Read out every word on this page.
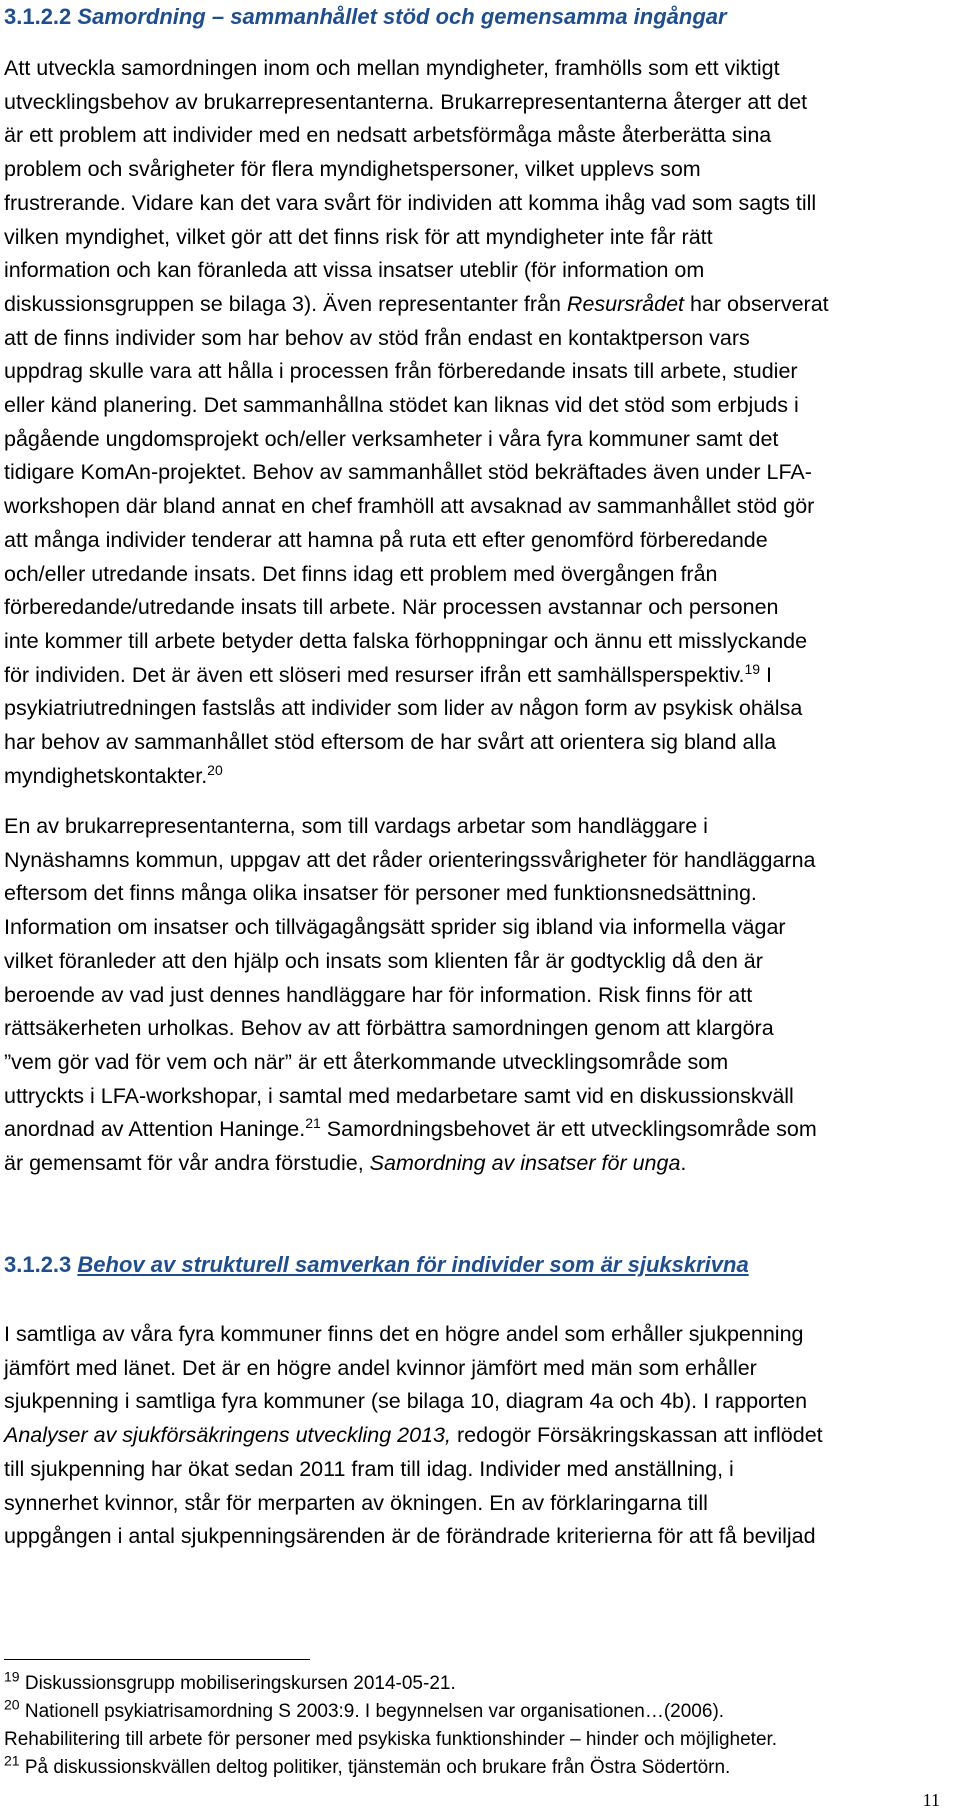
3.1.2.2 Samordning – sammanhållet stöd och gemensamma ingångar

Att utveckla samordningen inom och mellan myndigheter, framhölls som ett viktigt
utvecklingsbehov av brukarrepresentanterna. Brukarrepresentanterna återger att det
är ett problem att individer med en nedsatt arbetsförmåga måste återberätta sina
problem och svårigheter för flera myndighetspersoner, vilket upplevs som
frustrerande. Vidare kan det vara svårt för individen att komma ihåg vad som sagts till
vilken myndighet, vilket gör att det finns risk för att myndigheter inte får rätt
information och kan föranleda att vissa insatser uteblir (för information om
diskussionsgruppen se bilaga 3). Även representanter från Resursrådet har observerat
att de finns individer som har behov av stöd från endast en kontaktperson vars
uppdrag skulle vara att hålla i processen från förberedande insats till arbete, studier
eller känd planering. Det sammanhållna stödet kan liknas vid det stöd som erbjuds i
pågående ungdomsprojekt och/eller verksamheter i våra fyra kommuner samt det
tidigare KomAn-projektet. Behov av sammanhållet stöd bekräftades även under LFA-
workshopen där bland annat en chef framhöll att avsaknad av sammanhållet stöd gör
att många individer tenderar att hamna på ruta ett efter genomförd förberedande
och/eller utredande insats. Det finns idag ett problem med övergången från
förberedande/utredande insats till arbete. När processen avstannar och personen
inte kommer till arbete betyder detta falska förhoppningar och ännu ett misslyckande
för individen. Det är även ett slöseri med resurser ifrån ett samhällsperspektiv.$^{19}$ I
psykiatriutredningen fastslås att individer som lider av någon form av psykisk ohälsa
har behov av sammanhållet stöd eftersom de har svårt att orientera sig bland alla
myndighetskontakter.$^{20}$

En av brukarrepresentanterna, som till vardags arbetar som handläggare i
Nynäshamns kommun, uppgav att det råder orienteringssvårigheter för handläggarna
eftersom det finns många olika insatser för personer med funktionsnedsättning.
Information om insatser och tillvägagångsätt sprider sig ibland via informella vägar
vilket föranleder att den hjälp och insats som klienten får är godtycklig då den är
beroende av vad just dennes handläggare har för information. Risk finns för att
rättsäkerheten urholkas. Behov av att förbättra samordningen genom att klargöra
”vem gör vad för vem och när” är ett återkommande utvecklingsområde som
uttryckts i LFA-workshopar, i samtal med medarbetare samt vid en diskussionskväll
anordnad av Attention Haninge.$^{21}$ Samordningsbehovet är ett utvecklingsområde som
är gemensamt för vår andra förstudie, Samordning av insatser för unga.

3.1.2.3 Behov av strukturell samverkan för individer som är sjukskrivna

I samtliga av våra fyra kommuner finns det en högre andel som erhåller sjukpenning
jämfört med länet. Det är en högre andel kvinnor jämfört med män som erhåller
sjukpenning i samtliga fyra kommuner (se bilaga 10, diagram 4a och 4b). I rapporten
Analyser av sjukförsäkringens utveckling 2013, redogör Försäkringskassan att inflödet
till sjukpenning har ökat sedan 2011 fram till idag. Individer med anställning, i
synnerhet kvinnor, står för merparten av ökningen. En av förklaringarna till
uppgången i antal sjukpenningsärenden är de förändrade kriterierna för att få beviljad

$^{19}$ Diskussionsgrupp mobiliseringskursen 2014-05-21.
$^{20}$ Nationell psykiatrisamordning S 2003:9. I begynnelsen var organisationen…(2006).
Rehabilitering till arbete för personer med psykiska funktionshinder – hinder och möjligheter.
$^{21}$ På diskussionskvällen deltog politiker, tjänstemän och brukare från Östra Södertörn.

11
